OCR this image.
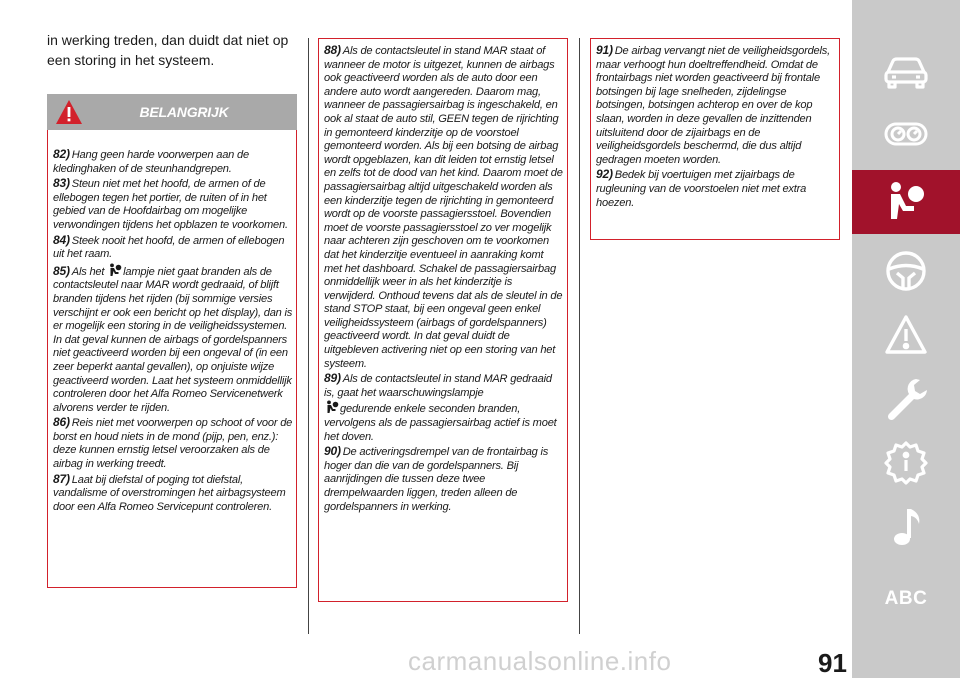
in werking treden, dan duidt dat niet op een storing in het systeem.
BELANGRIJK
82) Hang geen harde voorwerpen aan de kledinghaken of de steunhandgrepen.
83) Steun niet met het hoofd, de armen of de ellebogen tegen het portier, de ruiten of in het gebied van de Hoofdairbag om mogelijke verwondingen tijdens het opblazen te voorkomen.
84) Steek nooit het hoofd, de armen of ellebogen uit het raam.
85) Als het lampje niet gaat branden als de contactsleutel naar MAR wordt gedraaid, of blijft branden tijdens het rijden (bij sommige versies verschijnt er ook een bericht op het display), dan is er mogelijk een storing in de veiligheidssystemen. In dat geval kunnen de airbags of gordelspanners niet geactiveerd worden bij een ongeval of (in een zeer beperkt aantal gevallen), op onjuiste wijze geactiveerd worden. Laat het systeem onmiddellijk controleren door het Alfa Romeo Servicenetwerk alvorens verder te rijden.
86) Reis niet met voorwerpen op schoot of voor de borst en houd niets in de mond (pijp, pen, enz.): deze kunnen ernstig letsel veroorzaken als de airbag in werking treedt.
87) Laat bij diefstal of poging tot diefstal, vandalisme of overstromingen het airbagsysteem door een Alfa Romeo Servicepunt controleren.
88) Als de contactsleutel in stand MAR staat of wanneer de motor is uitgezet, kunnen de airbags ook geactiveerd worden als de auto door een andere auto wordt aangereden. Daarom mag, wanneer de passagiersairbag is ingeschakeld, en ook al staat de auto stil, GEEN tegen de rijrichting in gemonteerd kinderzitje op de voorstoel gemonteerd worden. Als bij een botsing de airbag wordt opgeblazen, kan dit leiden tot ernstig letsel en zelfs tot de dood van het kind. Daarom moet de passagiersairbag altijd uitgeschakeld worden als een kinderzitje tegen de rijrichting in gemonteerd wordt op de voorste passagiersstoel. Bovendien moet de voorste passagiersstoel zo ver mogelijk naar achteren zijn geschoven om te voorkomen dat het kinderzitje eventueel in aanraking komt met het dashboard. Schakel de passagiersairbag onmiddellijk weer in als het kinderzitje is verwijderd. Onthoud tevens dat als de sleutel in de stand STOP staat, bij een ongeval geen enkel veiligheidssysteem (airbags of gordelspanners) geactiveerd wordt. In dat geval duidt de uitgebleven activering niet op een storing van het systeem.
89) Als de contactsleutel in stand MAR gedraaid is, gaat het waarschuwingslampje
gedurende enkele seconden branden, vervolgens als de passagiersairbag actief is moet het doven.
90) De activeringsdrempel van de frontairbag is hoger dan die van de gordelspanners. Bij aanrijdingen die tussen deze twee drempelwaarden liggen, treden alleen de gordelspanners in werking.
91) De airbag vervangt niet de veiligheidsgordels, maar verhoogt hun doeltreffendheid. Omdat de frontairbags niet worden geactiveerd bij frontale botsingen bij lage snelheden, zijdelingse botsingen, botsingen achterop en over de kop slaan, worden in deze gevallen de inzittenden uitsluitend door de zijairbags en de veiligheidsgordels beschermd, die dus altijd gedragen moeten worden.
92) Bedek bij voertuigen met zijairbags de rugleuning van de voorstoelen niet met extra hoezen.
ABC
carmanualsonline.info	91
